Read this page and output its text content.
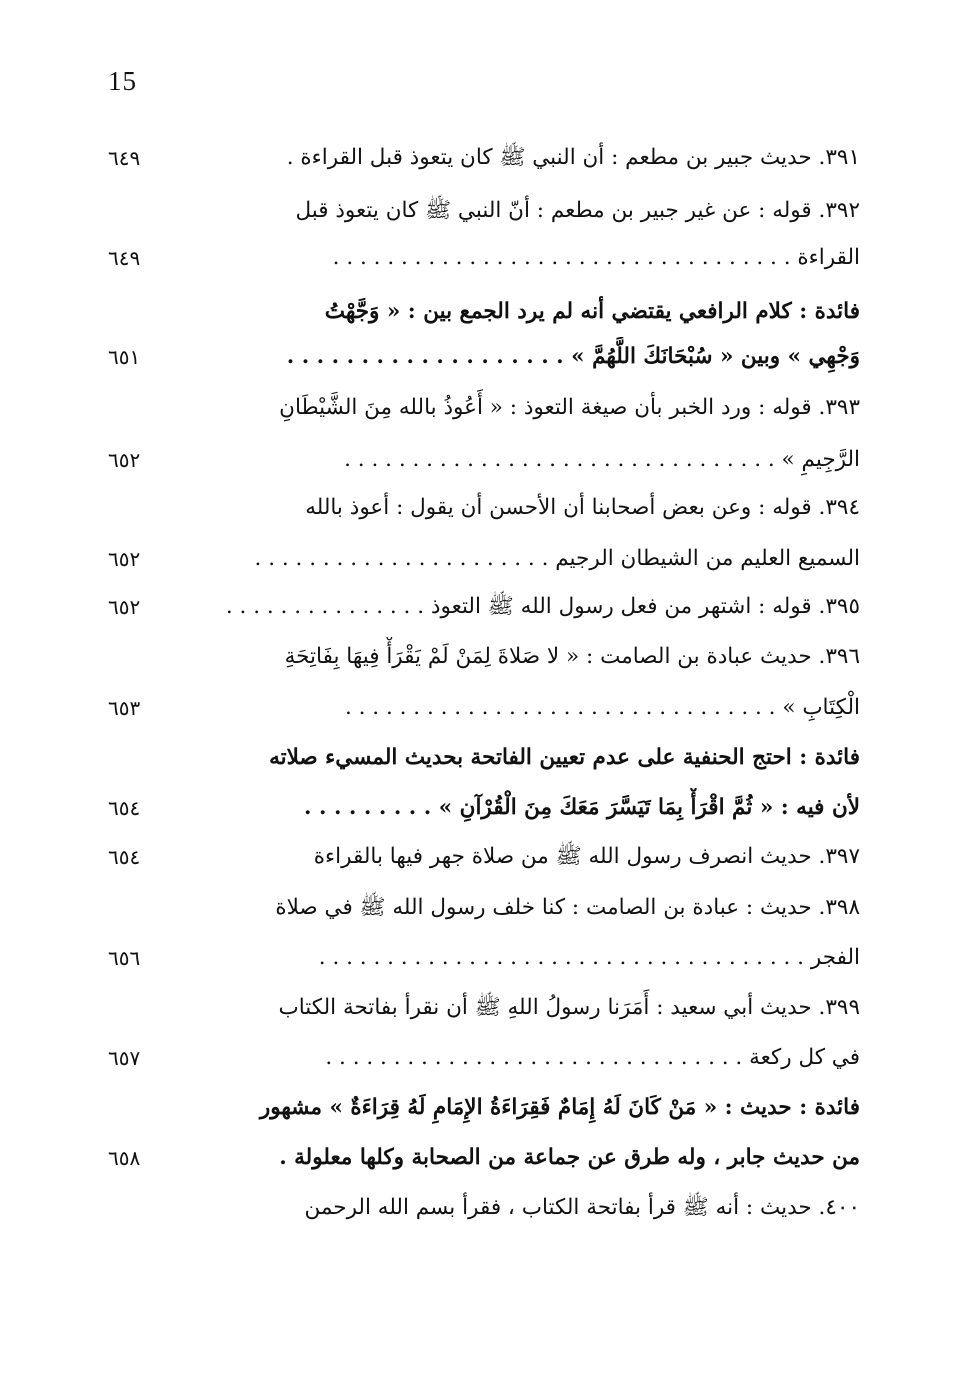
15
٣٩١. حديث جبير بن مطعم : أن النبي ﷺ كان يتعوذ قبل القراءة .
٦٤٩
٣٩٢. قوله : عن غير جبير بن مطعم : أنّ النبي ﷺ كان يتعوذ قبل
القراءة . . . . . . . . . . . . . . . . . . . . . . . . . . . . . . . . . .
٦٤٩
فائدة : كلام الرافعي يقتضي أنه لم يرد الجمع بين : « وَجَّهْتُ
وَجْهِي » وبين « سُبْحَانَكَ اللَّهُمَّ » . . . . . . . . . . . . . . . . . . .
٦٥١
٣٩٣. قوله : ورد الخبر بأن صيغة التعوذ : « أَعُوذُ بالله مِنَ الشَّيْطَانِ
الرَّجِيمِ » . . . . . . . . . . . . . . . . . . . . . . . . . . . . . . . .
٦٥٢
٣٩٤. قوله : وعن بعض أصحابنا أن الأحسن أن يقول : أعوذ بالله
السميع العليم من الشيطان الرجيم . . . . . . . . . . . . . . . . . . . . . .
٦٥٢
٣٩٥. قوله : اشتهر من فعل رسول الله ﷺ التعوذ . . . . . . . . . . . . . . .
٦٥٢
٣٩٦. حديث عبادة بن الصامت : « لا صَلاةَ لِمَنْ لَمْ يَقْرَأْ فِيهَا بِفَاتِحَةِ
الْكِتَابِ » . . . . . . . . . . . . . . . . . . . . . . . . . . . . . . . .
٦٥٣
فائدة : احتج الحنفية على عدم تعيين الفاتحة بحديث المسيء صلاته
لأن فيه : « ثُمَّ اقْرَأْ بِمَا تَيَسَّرَ مَعَكَ مِنَ الْقُرْآنِ » . . . . . . . . .
٦٥٤
٣٩٧. حديث انصرف رسول الله ﷺ من صلاة جهر فيها بالقراءة
٦٥٤
٣٩٨. حديث : عبادة بن الصامت : كنا خلف رسول الله ﷺ في صلاة
الفجر . . . . . . . . . . . . . . . . . . . . . . . . . . . . . . . . . . . .
٦٥٦
٣٩٩. حديث أبي سعيد : أَمَرَنا رسولُ اللهِ ﷺ أن نقرأ بفاتحة الكتاب
في كل ركعة . . . . . . . . . . . . . . . . . . . . . . . . . . . . . . .
٦٥٧
فائدة : حديث : « مَنْ كَانَ لَهُ إِمَامٌ فَقِرَاءَةُ الإِمَامِ لَهُ قِرَاءَةٌ » مشهور
من حديث جابر ، وله طرق عن جماعة من الصحابة وكلها معلولة .
٦٥٨
٤٠٠. حديث : أنه ﷺ قرأ بفاتحة الكتاب ، فقرأ بسم الله الرحمن
